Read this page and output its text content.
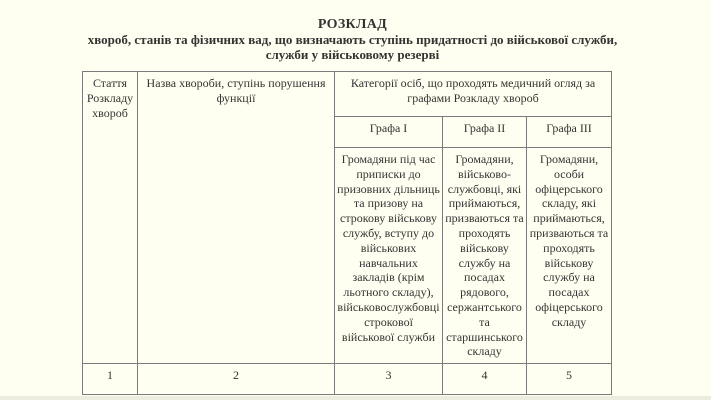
РОЗКЛАД
хвороб, станів та фізичних вад, що визначають ступінь придатності до військової служби,
служби у військовому резерві
Стаття Розкладу хвороб	Назва хвороби, ступінь порушення функції	Категорії осіб, що проходять медичний огляд за графами Розкладу хвороб		
		Графа I	Графа II	Графа III
		Громадяни під час приписки до призовних дільниць та призову на строкову військову службу, вступу до військових навчальних закладів (крім льотного складу), військовослужбовці строкової військової служби	Громадяни, військово-службовці, які приймаються, призваються та проходять військову службу на посадах рядового, сержантського та старшинського складу	Громадяни, особи офіцерського складу, які приймаються, призваються та проходять військову службу на посадах офіцерського складу
1	2	3	4	5
